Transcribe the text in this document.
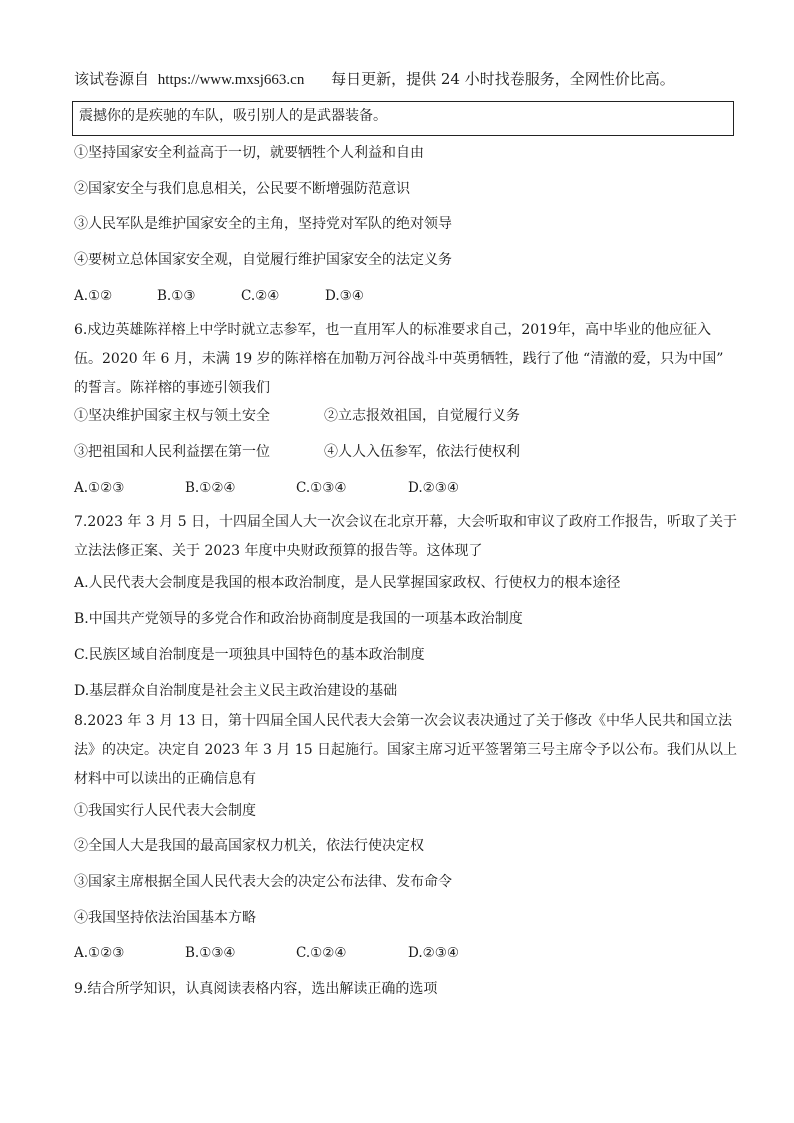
该试卷源自 https://www.mxsj663.cn 每日更新，提供 24 小时找卷服务，全网性价比高。
震撼你的是疾驰的车队，吸引别人的是武器装备。
①坚持国家安全利益高于一切，就要牺牲个人利益和自由
②国家安全与我们息息相关，公民要不断增强防范意识
③人民军队是维护国家安全的主角，坚持党对军队的绝对领导
④要树立总体国家安全观，自觉履行维护国家安全的法定义务
A.①②	B.①③	C.②④	D.③④
6.戍边英雄陈祥榕上中学时就立志参军，也一直用军人的标准要求自己，2019年，高中毕业的他应征入
伍。2020 年 6 月，未满 19 岁的陈祥榕在加勒万河谷战斗中英勇牺牲，践行了他 “清澈的爱，只为中国”
的誓言。陈祥榕的事迹引领我们
①坚决维护国家主权与领土安全	②立志报效祖国，自觉履行义务
③把祖国和人民利益摆在第一位	④人人入伍参军，依法行使权利
A.①②③	B.①②④	C.①③④	D.②③④
7.2023 年 3 月 5 日，十四届全国人大一次会议在北京开幕，大会听取和审议了政府工作报告，听取了关于
立法法修正案、关于 2023 年度中央财政预算的报告等。这体现了
A.人民代表大会制度是我国的根本政治制度，是人民掌握国家政权、行使权力的根本途径
B.中国共产党领导的多党合作和政治协商制度是我国的一项基本政治制度
C.民族区域自治制度是一项独具中国特色的基本政治制度
D.基层群众自治制度是社会主义民主政治建设的基础
8.2023 年 3 月 13 日，第十四届全国人民代表大会第一次会议表决通过了关于修改《中华人民共和国立法
法》的决定。决定自 2023 年 3 月 15 日起施行。国家主席习近平签署第三号主席令予以公布。我们从以上
材料中可以读出的正确信息有
①我国实行人民代表大会制度
②全国人大是我国的最高国家权力机关，依法行使决定权
③国家主席根据全国人民代表大会的决定公布法律、发布命令
④我国坚持依法治国基本方略
A.①②③	B.①③④	C.①②④	D.②③④
9.结合所学知识，认真阅读表格内容，选出解读正确的选项
